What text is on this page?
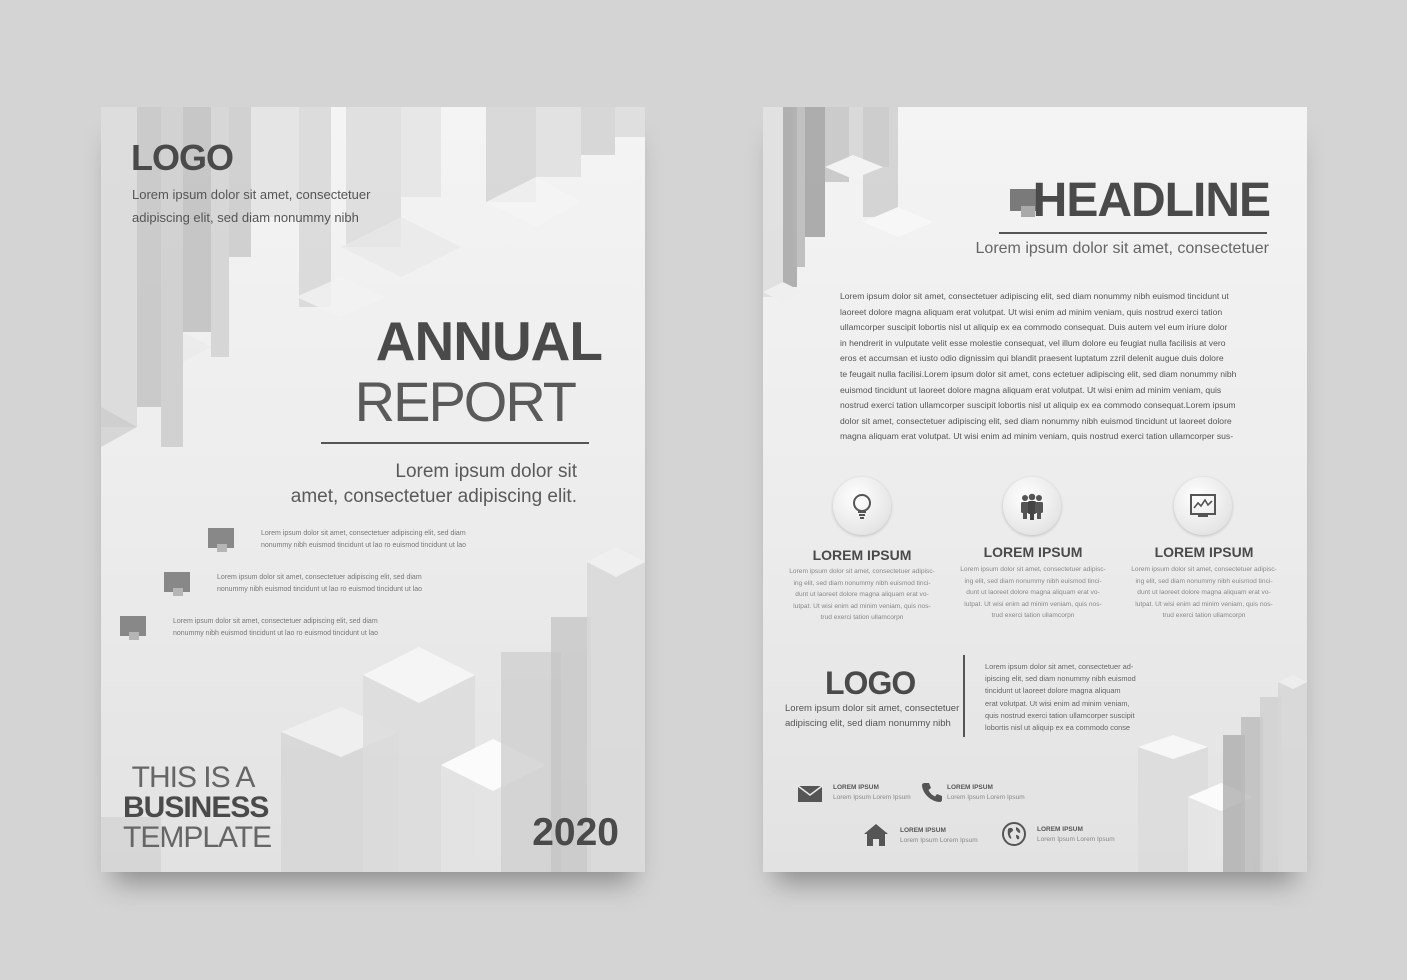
LOGO
Lorem ipsum dolor sit amet, consectetuer
adipiscing elit, sed diam nonummy nibh
ANNUAL
REPORT
Lorem ipsum dolor sit
amet, consectetuer adipiscing elit.
Lorem ipsum dolor sit amet, consectetuer adipiscing elit, sed diam
nonummy nibh euismod tincidunt ut lao ro euismod tincidunt ut lao
Lorem ipsum dolor sit amet, consectetuer adipiscing elit, sed diam
nonummy nibh euismod tincidunt ut lao ro euismod tincidunt ut lao
Lorem ipsum dolor sit amet, consectetuer adipiscing elit, sed diam
nonummy nibh euismod tincidunt ut lao ro euismod tincidunt ut lao
THIS IS A
BUSINESS
TEMPLATE	2020
HEADLINE
Lorem ipsum dolor sit amet, consectetuer
Lorem ipsum dolor sit amet, consectetuer adipiscing elit, sed diam nonummy nibh euismod tincidunt ut
laoreet dolore magna aliquam erat volutpat. Ut wisi enim ad minim veniam, quis nostrud exerci tation
ullamcorper suscipit lobortis nisl ut aliquip ex ea commodo consequat. Duis autem vel eum iriure dolor
in hendrerit in vulputate velit esse molestie consequat, vel illum dolore eu feugiat nulla facilisis at vero
eros et accumsan et iusto odio dignissim qui blandit praesent luptatum zzril delenit augue duis dolore
te feugait nulla facilisi.Lorem ipsum dolor sit amet, cons ectetuer adipiscing elit, sed diam nonummy nibh
euismod tincidunt ut laoreet dolore magna aliquam erat volutpat. Ut wisi enim ad minim veniam, quis
nostrud exerci tation ullamcorper suscipit lobortis nisl ut aliquip ex ea commodo consequat.Lorem ipsum
dolor sit amet, consectetuer adipiscing elit, sed diam nonummy nibh euismod tincidunt ut laoreet dolore
magna aliquam erat volutpat. Ut wisi enim ad minim veniam, quis nostrud exerci tation ullamcorper sus-
LOREM IPSUM
Lorem ipsum dolor sit amet, consectetuer adipisc-
ing elit, sed diam nonummy nibh euismod tinci-
dunt ut laoreet dolore magna aliquam erat vo-
lutpat. Ut wisi enim ad minim veniam, quis nos-
trud exerci tation ullamcorpn
LOREM IPSUM
Lorem ipsum dolor sit amet, consectetuer adipisc-
ing elit, sed diam nonummy nibh euismod tinci-
dunt ut laoreet dolore magna aliquam erat vo-
lutpat. Ut wisi enim ad minim veniam, quis nos-
trud exerci tation ullamcorpn
LOREM IPSUM
Lorem ipsum dolor sit amet, consectetuer adipisc-
ing elit, sed diam nonummy nibh euismod tinci-
dunt ut laoreet dolore magna aliquam erat vo-
lutpat. Ut wisi enim ad minim veniam, quis nos-
trud exerci tation ullamcorpn
LOGO
Lorem ipsum dolor sit amet, consectetuer
adipiscing elit, sed diam nonummy nibh
Lorem ipsum dolor sit amet, consectetuer ad-
ipiscing elit, sed diam nonummy nibh euismod
tincidunt ut laoreet dolore magna aliquam
erat volutpat. Ut wisi enim ad minim veniam,
quis nostrud exerci tation ullamcorper suscipit
lobortis nisl ut aliquip ex ea commodo conse
LOREM IPSUM
Lorem Ipsum Lorem Ipsum
LOREM IPSUM
Lorem Ipsum Lorem Ipsum
LOREM IPSUM
Lorem Ipsum Lorem Ipsum
LOREM IPSUM
Lorem Ipsum Lorem Ipsum
